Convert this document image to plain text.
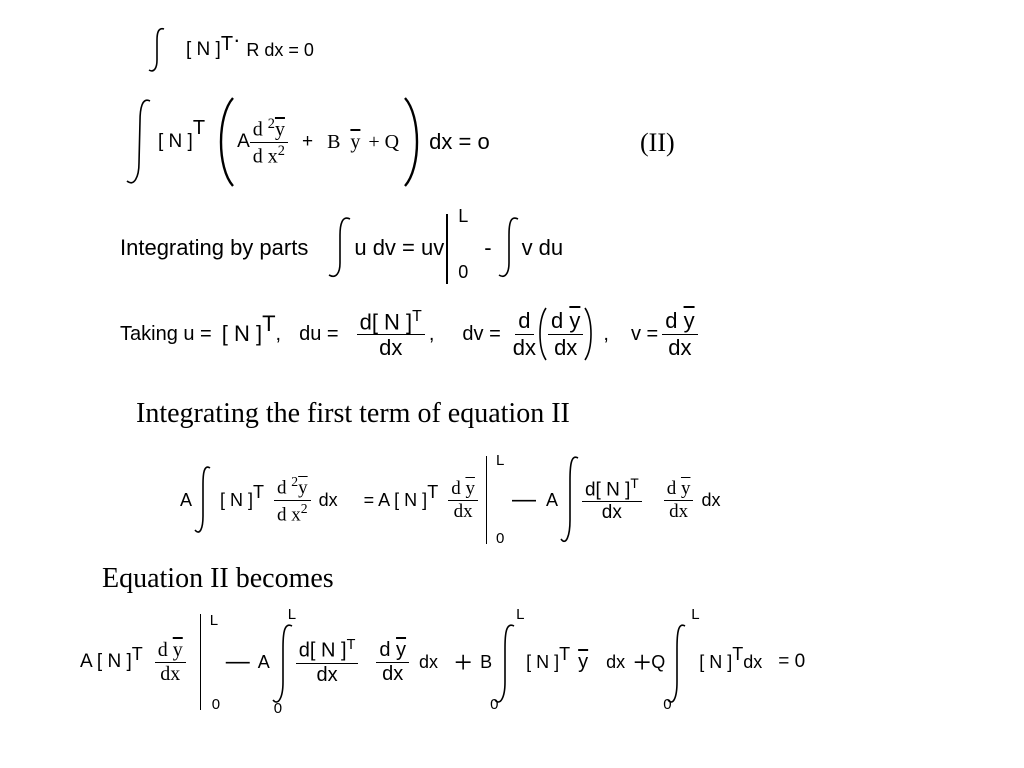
[ N ]$^T$ · R dx = 0
[ N ]
$^T$
A $\frac{d ^2\overline{y}}{d x^2} + B$ $\overline{y} + Q$ dx = o	(II)
Integrating by parts u dv = uv
L
0
- v du
Taking u = [ N ]$^T$ , du = $\frac{d[ N ]^T}{dx}$ , dv = $\frac{d}{dx} \frac{d \overline{y}}{dx}$ , $v = \frac{d \overline{y}}{dx}$
Integrating the first term of equation II
A [ N ]$^T \frac{d ^2\overline{y}}{d x^2}$ dx = A [ N ]$^T \frac{d \overline{y}}{dx}$
L
0
— A $\frac{d[ N ]^T}{dx} \frac{d \overline{y}}{dx}$ dx
Equation II becomes
A [ N ]$^T \frac{d \overline{y}}{dx}$
L
0
— A
L
0
$\frac{d[ N ]^T}{dx} \frac{d \overline{y}}{dx}$ dx + B
L
0
[ N ]$^T$ $\overline{y}$ dx + Q
L
0
[ N ]$^T$ dx = 0
